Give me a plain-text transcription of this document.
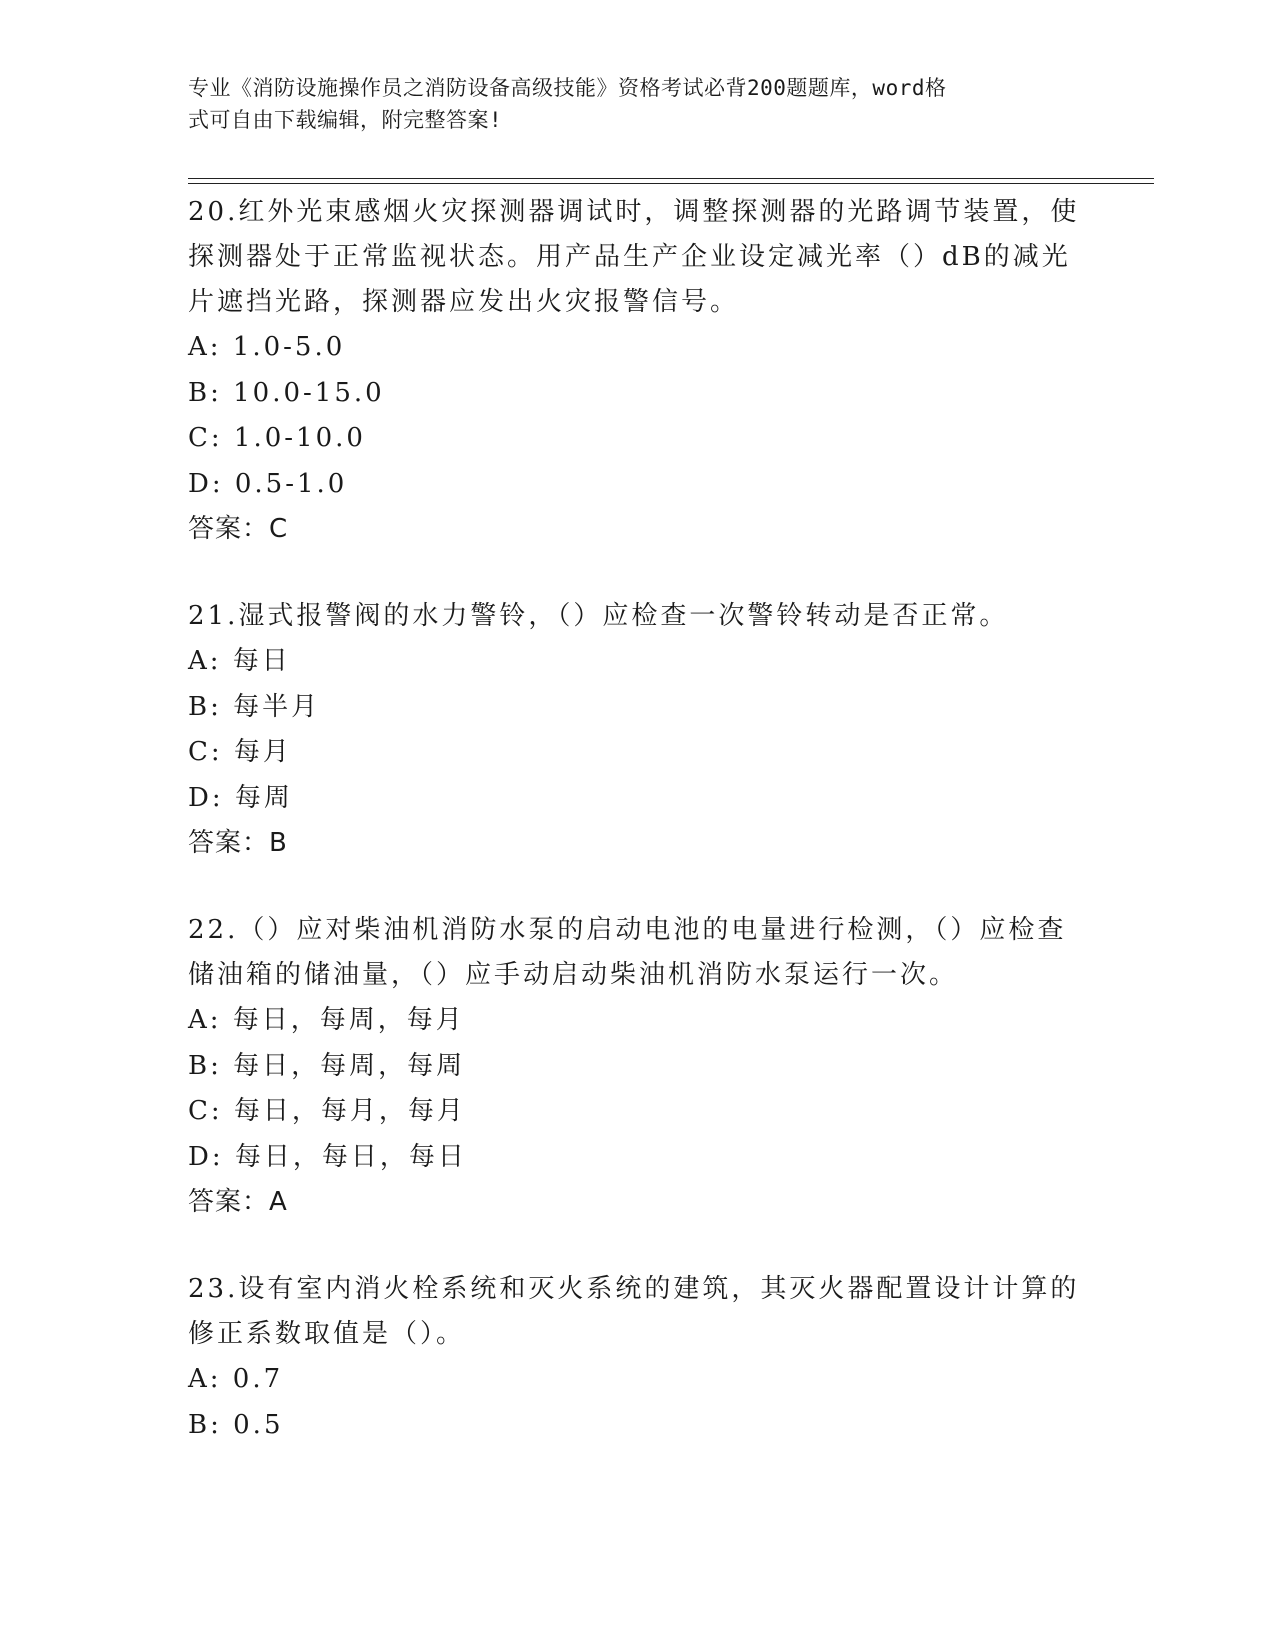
专业《消防设施操作员之消防设备高级技能》资格考试必背200题题库，word格
式可自由下载编辑，附完整答案!

20.红外光束感烟火灾探测器调试时，调整探测器的光路调节装置，使

探测器处于正常监视状态。用产品生产企业设定减光率（）dB的减光

片遮挡光路，探测器应发出火灾报警信号。

A: 1.0-5.0

B: 10.0-15.0

C: 1.0-10.0

D: 0.5-1.0

答案：C

21.湿式报警阀的水力警铃，（）应检查一次警铃转动是否正常。

A: 每日

B: 每半月

C: 每月

D: 每周

答案：B

22.（）应对柴油机消防水泵的启动电池的电量进行检测，（）应检查

储油箱的储油量，（）应手动启动柴油机消防水泵运行一次。

A: 每日，每周，每月

B: 每日，每周，每周

C: 每日，每月，每月

D: 每日，每日，每日

答案：A

23.设有室内消火栓系统和灭火系统的建筑，其灭火器配置设计计算的

修正系数取值是（）。

A: 0.7

B: 0.5
